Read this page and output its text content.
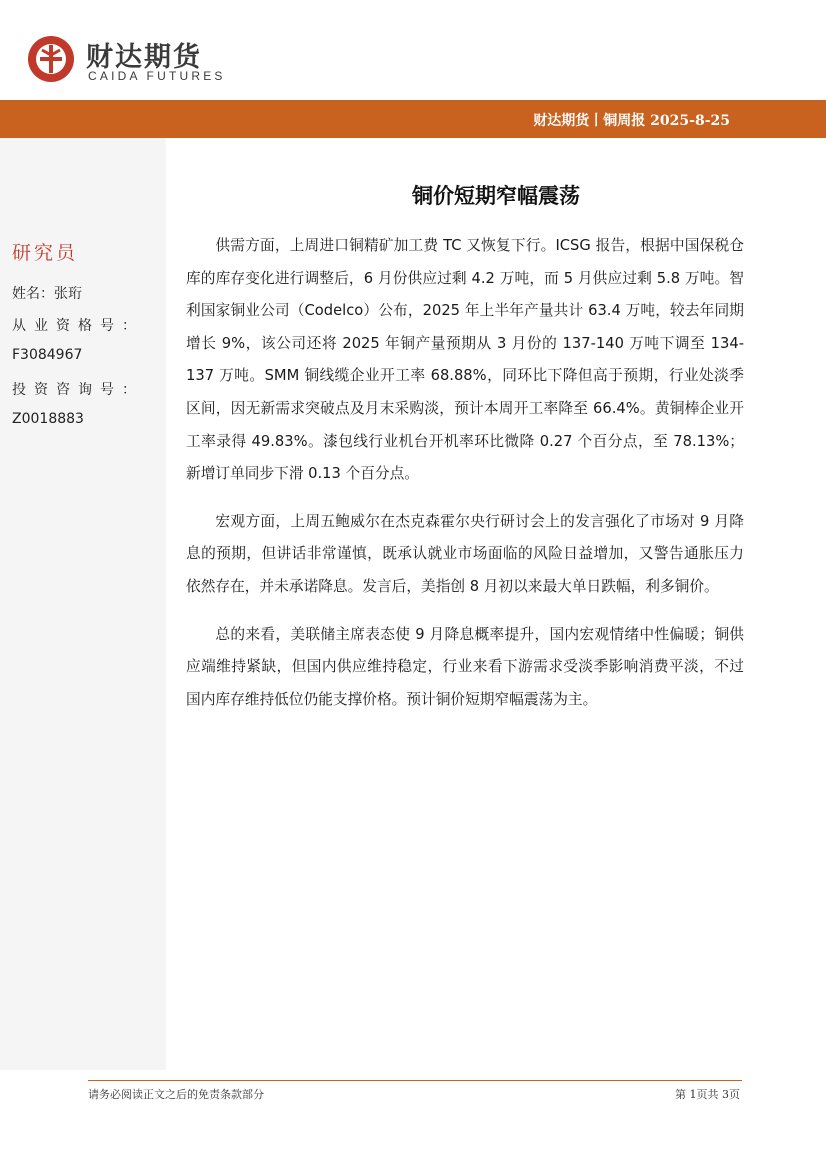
财达期货
CAIDA FUTURES
财达期货丨铜周报 2025-8-25
研究员
姓名：张珩
从业资格号：
F3084967
投资咨询号：
Z0018883
铜价短期窄幅震荡

供需方面，上周进口铜精矿加工费 TC 又恢复下行。ICSG 报告，根据中国保税仓库的库存变化进行调整后，6 月份供应过剩 4.2 万吨，而 5 月供应过剩 5.8 万吨。智利国家铜业公司（Codelco）公布，2025 年上半年产量共计 63.4 万吨，较去年同期增长 9%，该公司还将 2025 年铜产量预期从 3 月份的 137-140 万吨下调至 134-137 万吨。SMM 铜线缆企业开工率 68.88%，同环比下降但高于预期，行业处淡季区间，因无新需求突破点及月末采购淡，预计本周开工率降至 66.4%。黄铜棒企业开工率录得 49.83%。漆包线行业机台开机率环比微降 0.27 个百分点，至 78.13%；新增订单同步下滑 0.13 个百分点。

宏观方面，上周五鲍威尔在杰克森霍尔央行研讨会上的发言强化了市场对 9 月降息的预期，但讲话非常谨慎，既承认就业市场面临的风险日益增加，又警告通胀压力依然存在，并未承诺降息。发言后，美指创 8 月初以来最大单日跌幅，利多铜价。

总的来看，美联储主席表态使 9 月降息概率提升，国内宏观情绪中性偏暖；铜供应端维持紧缺，但国内供应维持稳定，行业来看下游需求受淡季影响消费平淡，不过国内库存维持低位仍能支撑价格。预计铜价短期窄幅震荡为主。

请务必阅读正文之后的免责条款部分	第 1页共 3页
